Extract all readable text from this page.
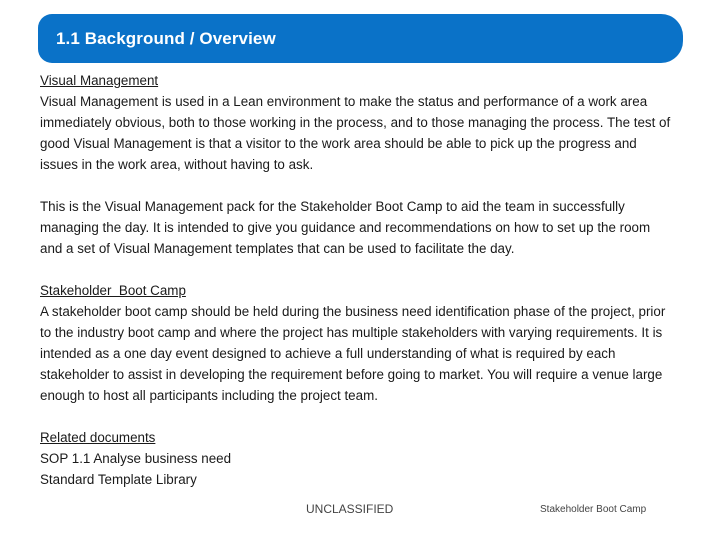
1.1 Background / Overview
Visual Management
Visual Management is used in a Lean environment to make the status and performance of a work area
immediately obvious, both to those working in the process, and to those managing the process. The test of
good Visual Management is that a visitor to the work area should be able to pick up the progress and
issues in the work area, without having to ask.
This is the Visual Management pack for the Stakeholder Boot Camp to aid the team in successfully
managing the day. It is intended to give you guidance and recommendations on how to set up the room
and a set of Visual Management templates that can be used to facilitate the day.
Stakeholder  Boot Camp
A stakeholder boot camp should be held during the business need identification phase of the project, prior
to the industry boot camp and where the project has multiple stakeholders with varying requirements. It is
intended as a one day event designed to achieve a full understanding of what is required by each
stakeholder to assist in developing the requirement before going to market. You will require a venue large
enough to host all participants including the project team.
Related documents
SOP 1.1 Analyse business need
Standard Template Library
UNCLASSIFIED	Stakeholder Boot Camp
